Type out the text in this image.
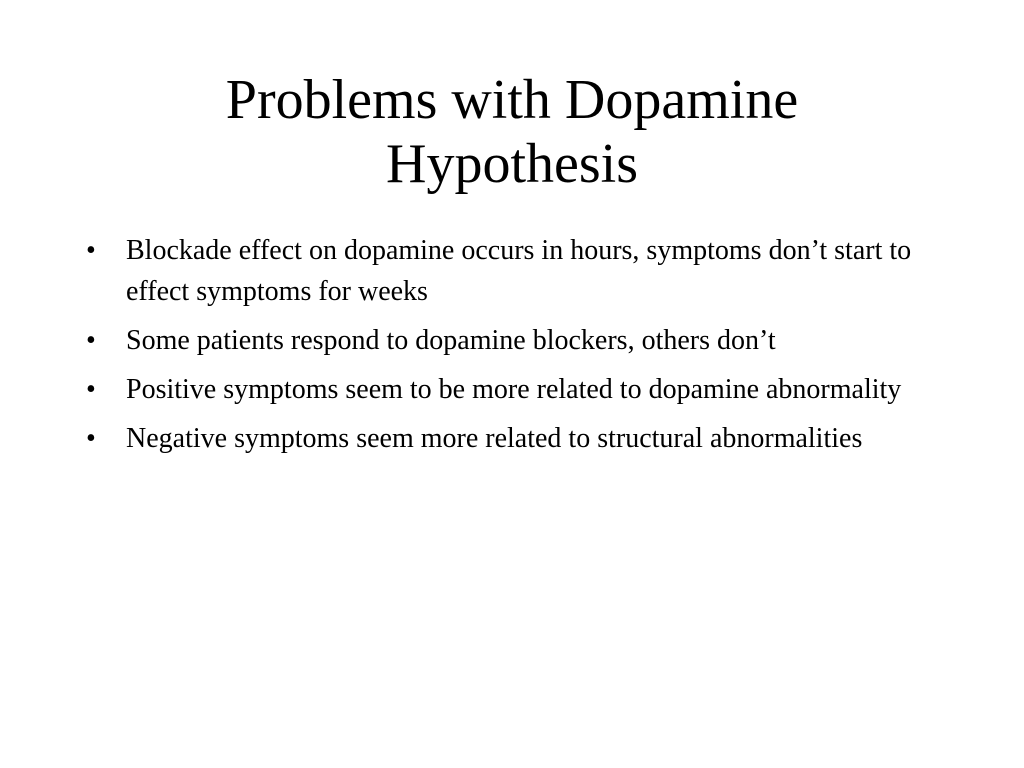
Problems with Dopamine
Hypothesis
• Blockade effect on dopamine occurs in hours, symptoms don’t start to effect symptoms for weeks
• Some patients respond to dopamine blockers, others don’t
• Positive symptoms seem to be more related to dopamine abnormality
• Negative symptoms seem more related to structural abnormalities
